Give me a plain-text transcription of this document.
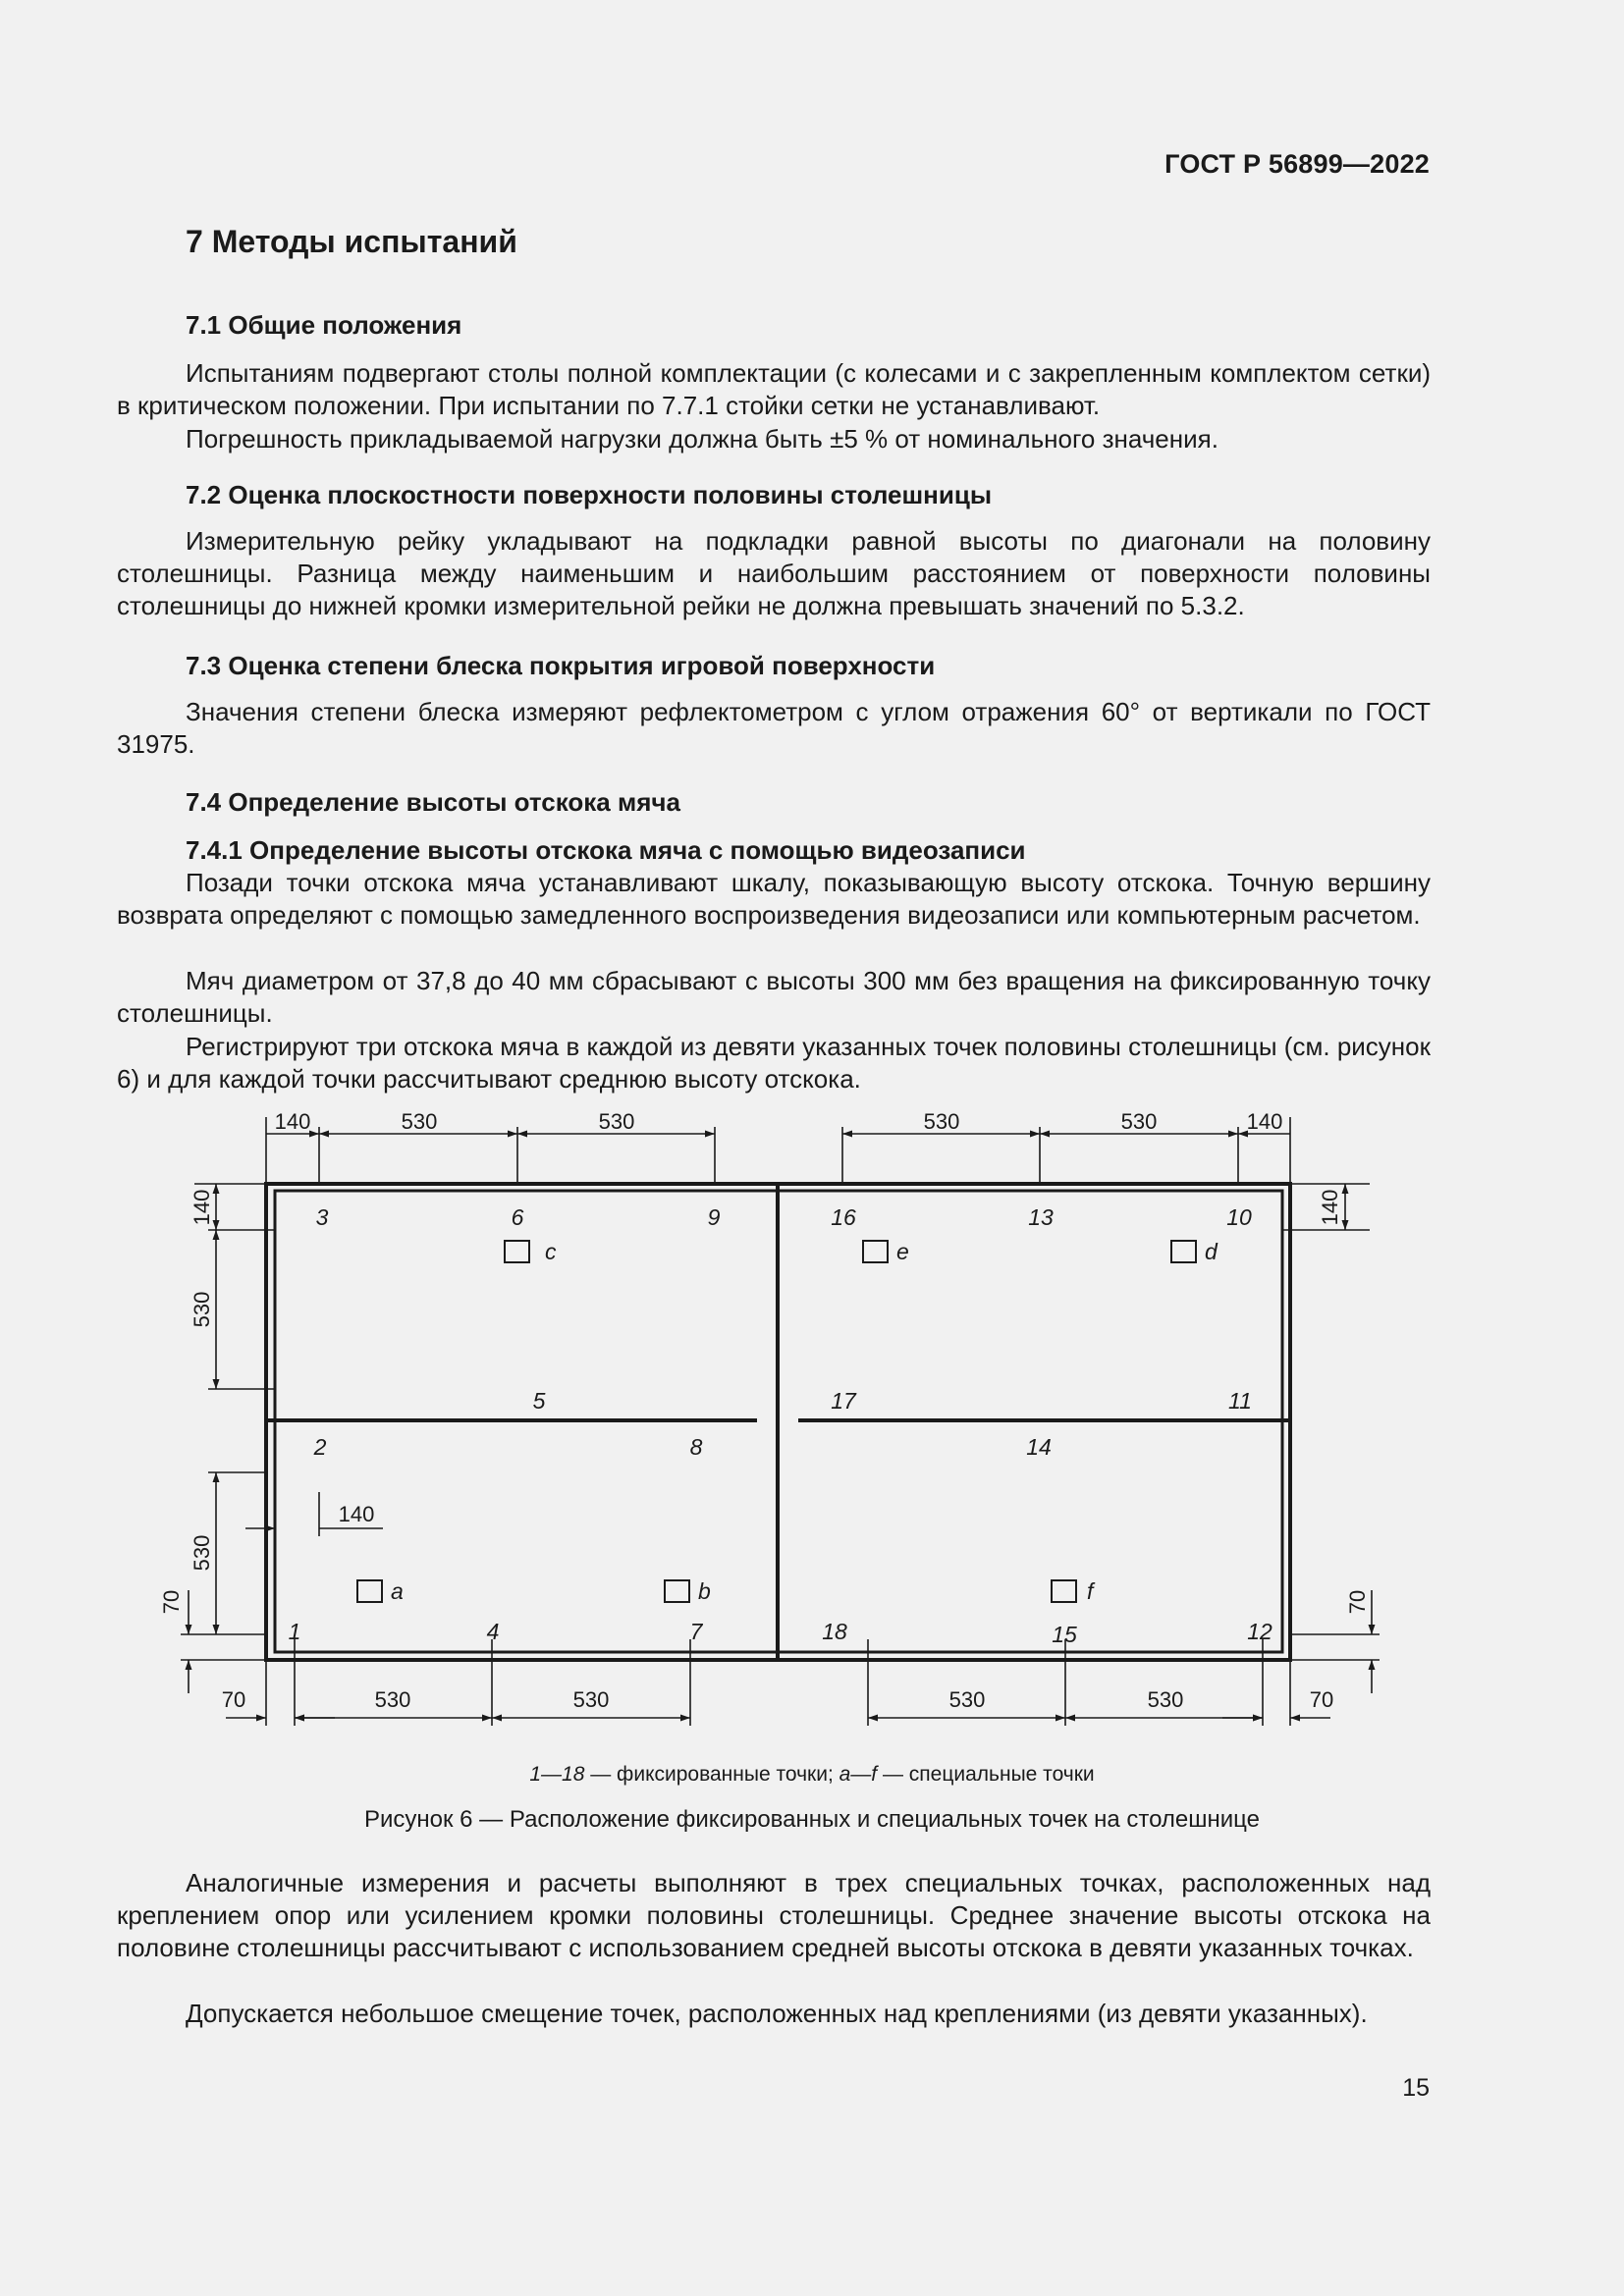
ГОСТ Р 56899—2022
7 Методы испытаний
7.1 Общие положения

Испытаниям подвергают столы полной комплектации (с колесами и с закрепленным комплектом сетки) в критическом положении. При испытании по 7.7.1 стойки сетки не устанавливают.

Погрешность прикладываемой нагрузки должна быть ±5 % от номинального значения.

7.2 Оценка плоскостности поверхности половины столешницы

Измерительную рейку укладывают на подкладки равной высоты по диагонали на половину столешницы. Разница между наименьшим и наибольшим расстоянием от поверхности половины столешницы до нижней кромки измерительной рейки не должна превышать значений по 5.3.2.

7.3 Оценка степени блеска покрытия игровой поверхности

Значения степени блеска измеряют рефлектометром с углом отражения 60° от вертикали по ГОСТ 31975.

7.4 Определение высоты отскока мяча
7.4.1 Определение высоты отскока мяча с помощью видеозаписи

Позади точки отскока мяча устанавливают шкалу, показывающую высоту отскока. Точную вершину возврата определяют с помощью замедленного воспроизведения видеозаписи или компьютерным расчетом.

Мяч диаметром от 37,8 до 40 мм сбрасывают с высоты 300 мм без вращения на фиксированную точку столешницы.

Регистрируют три отскока мяча в каждой из девяти указанных точек половины столешницы (см. рисунок 6) и для каждой точки рассчитывают среднюю высоту отскока.

Аналогичные измерения и расчеты выполняют в трех специальных точках, расположенных над креплением опор или усилением кромки половины столешницы. Среднее значение высоты отскока на половине столешницы рассчитывают с использованием средней высоты отскока в девяти указанных точках.

Допускается небольшое смещение точек, расположенных над креплениями (из девяти указанных).

c	e	d
a	b	f
3	6	9	16	13	10
5	17	11
2	8	14
1	4	7	18	15	12
140	530	530	530	530	140
140
530
530
70
140
70
140
70	530	530	530	530	70
1—18 — фиксированные точки; a—f — специальные точки
Рисунок 6 — Расположение фиксированных и специальных точек на столешнице
15
